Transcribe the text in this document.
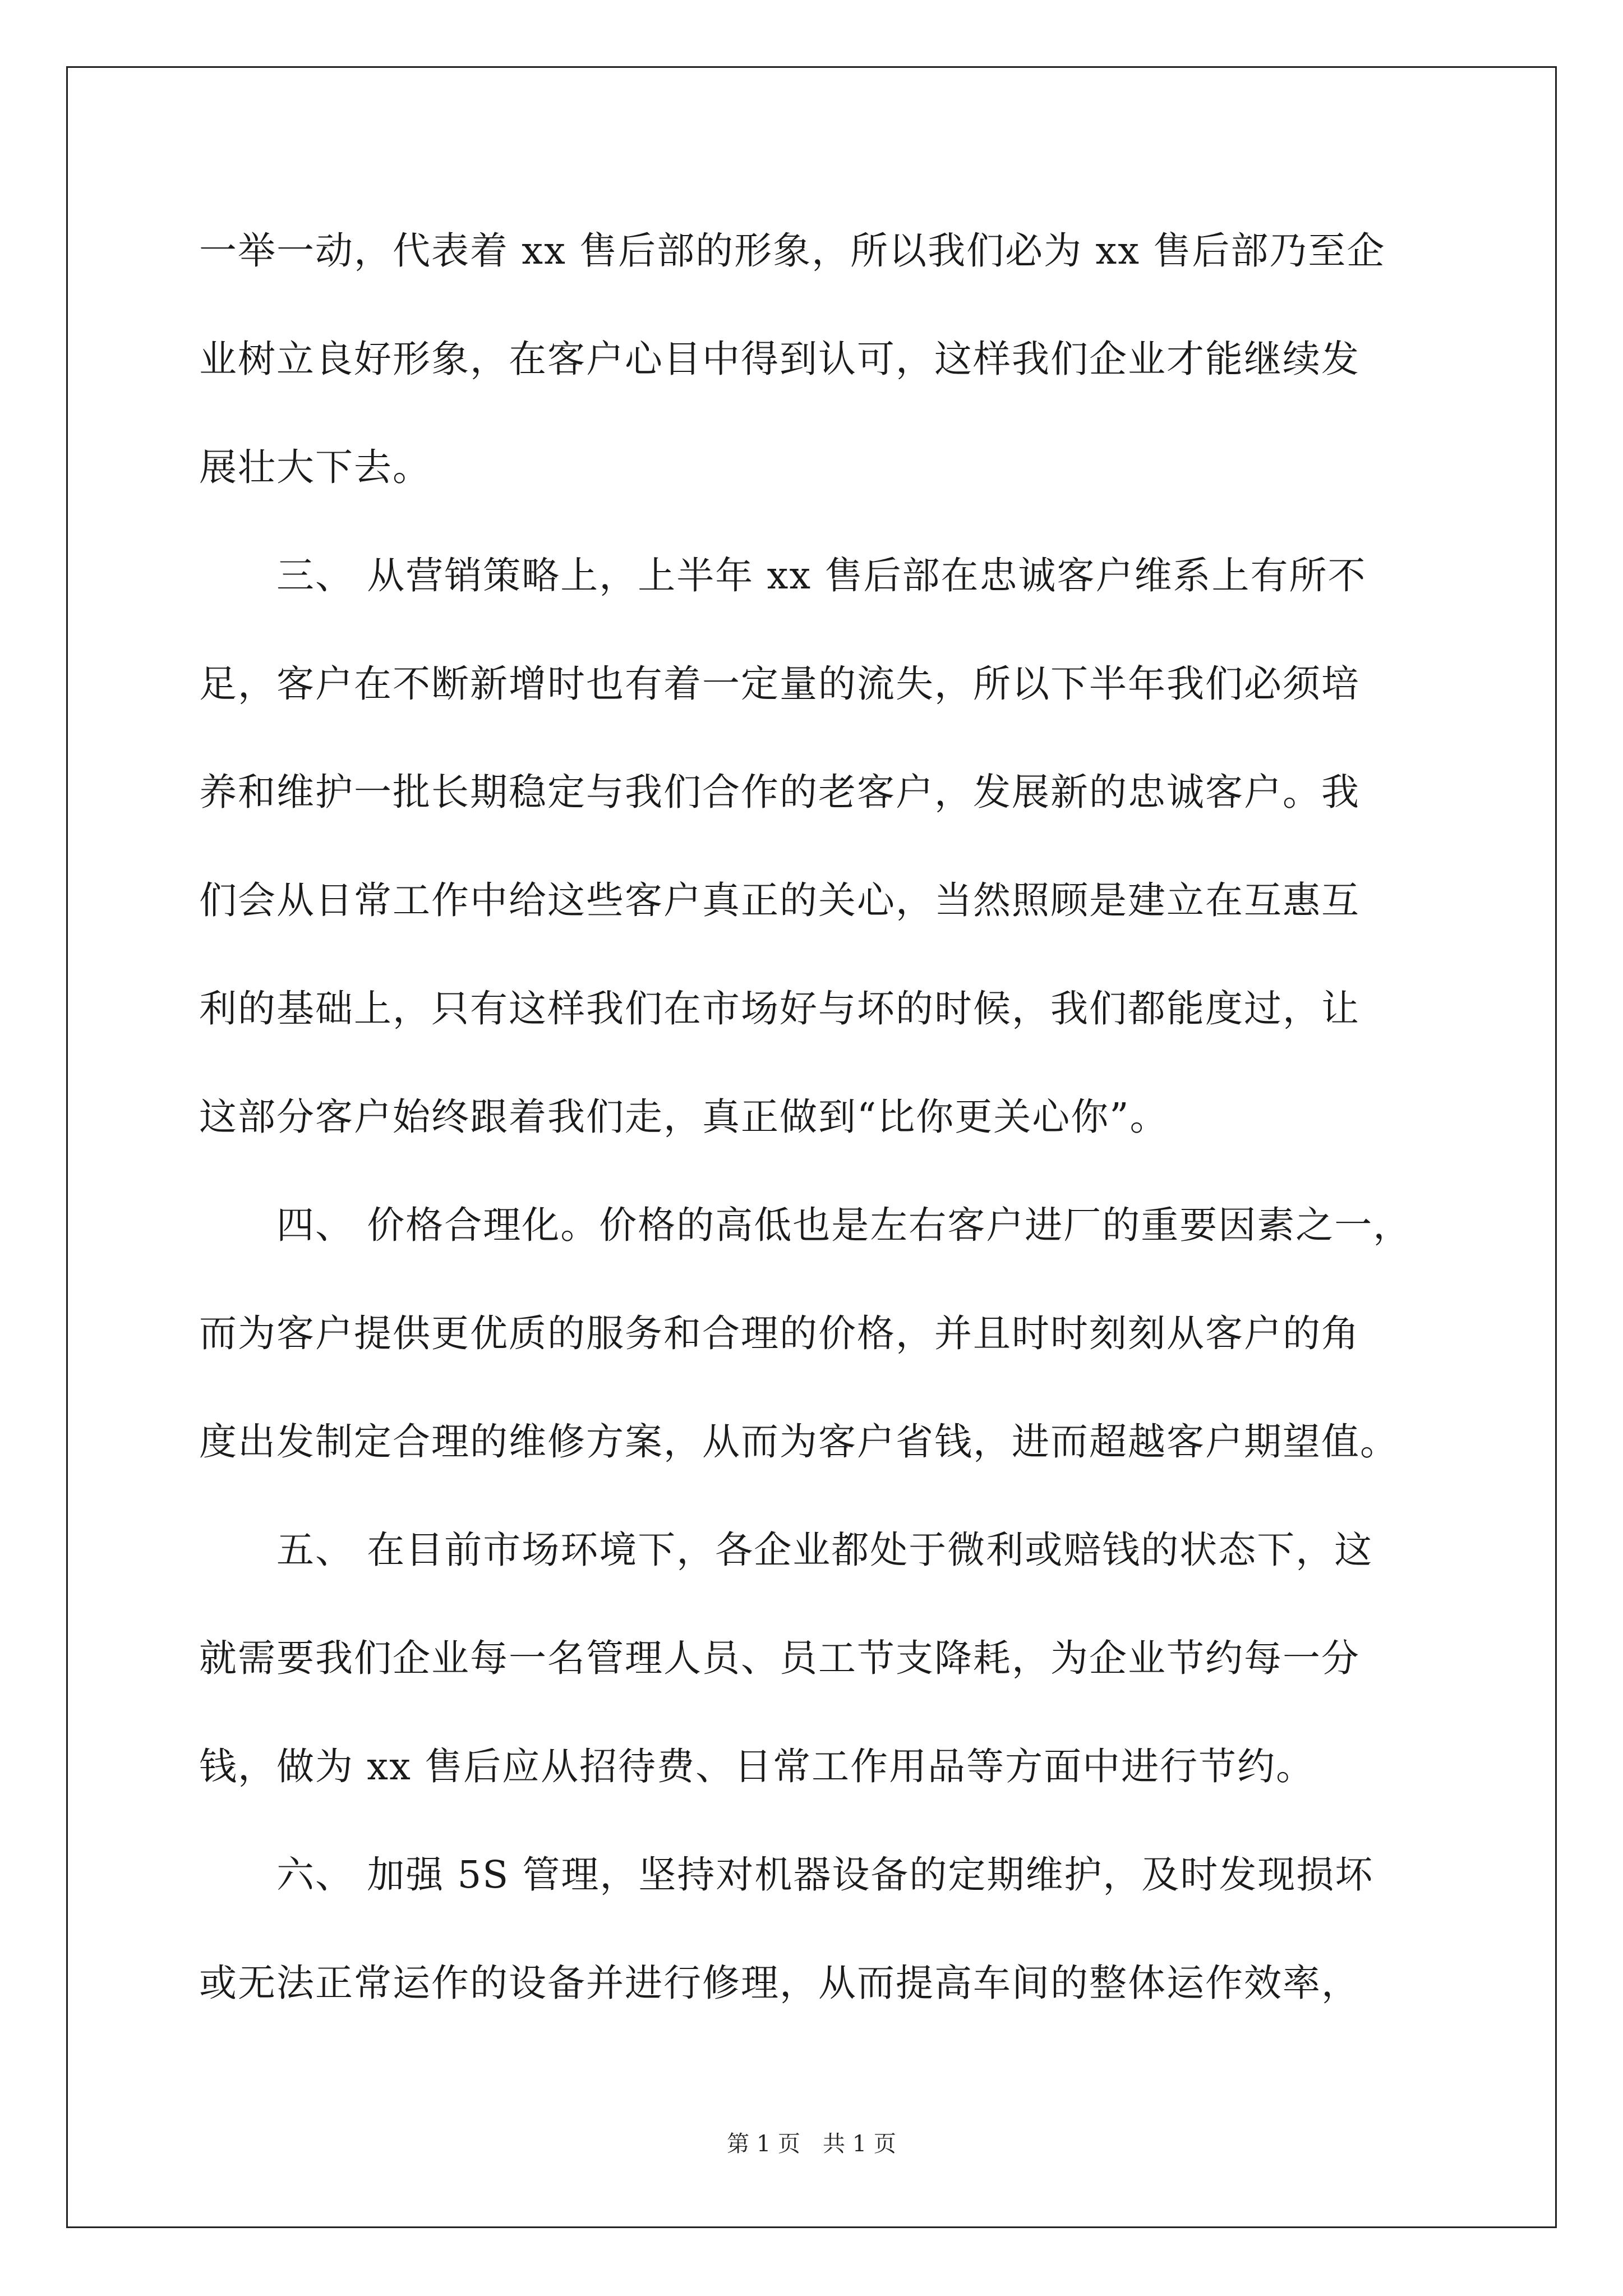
一举一动，代表着 xx 售后部的形象，所以我们必为 xx 售后部乃至企
业树立良好形象，在客户心目中得到认可，这样我们企业才能继续发
展壮大下去。
　　三、 从营销策略上，上半年 xx 售后部在忠诚客户维系上有所不
足，客户在不断新增时也有着一定量的流失，所以下半年我们必须培
养和维护一批长期稳定与我们合作的老客户，发展新的忠诚客户。我
们会从日常工作中给这些客户真正的关心，当然照顾是建立在互惠互
利的基础上，只有这样我们在市场好与坏的时候，我们都能度过，让
这部分客户始终跟着我们走，真正做到“比你更关心你”。
　　四、 价格合理化。价格的高低也是左右客户进厂的重要因素之一，
而为客户提供更优质的服务和合理的价格，并且时时刻刻从客户的角
度出发制定合理的维修方案，从而为客户省钱，进而超越客户期望值。
　　五、 在目前市场环境下，各企业都处于微利或赔钱的状态下，这
就需要我们企业每一名管理人员、员工节支降耗，为企业节约每一分
钱，做为 xx 售后应从招待费、日常工作用品等方面中进行节约。
　　六、 加强 5S 管理，坚持对机器设备的定期维护，及时发现损坏
或无法正常运作的设备并进行修理，从而提高车间的整体运作效率，
第 1 页　共 1 页
